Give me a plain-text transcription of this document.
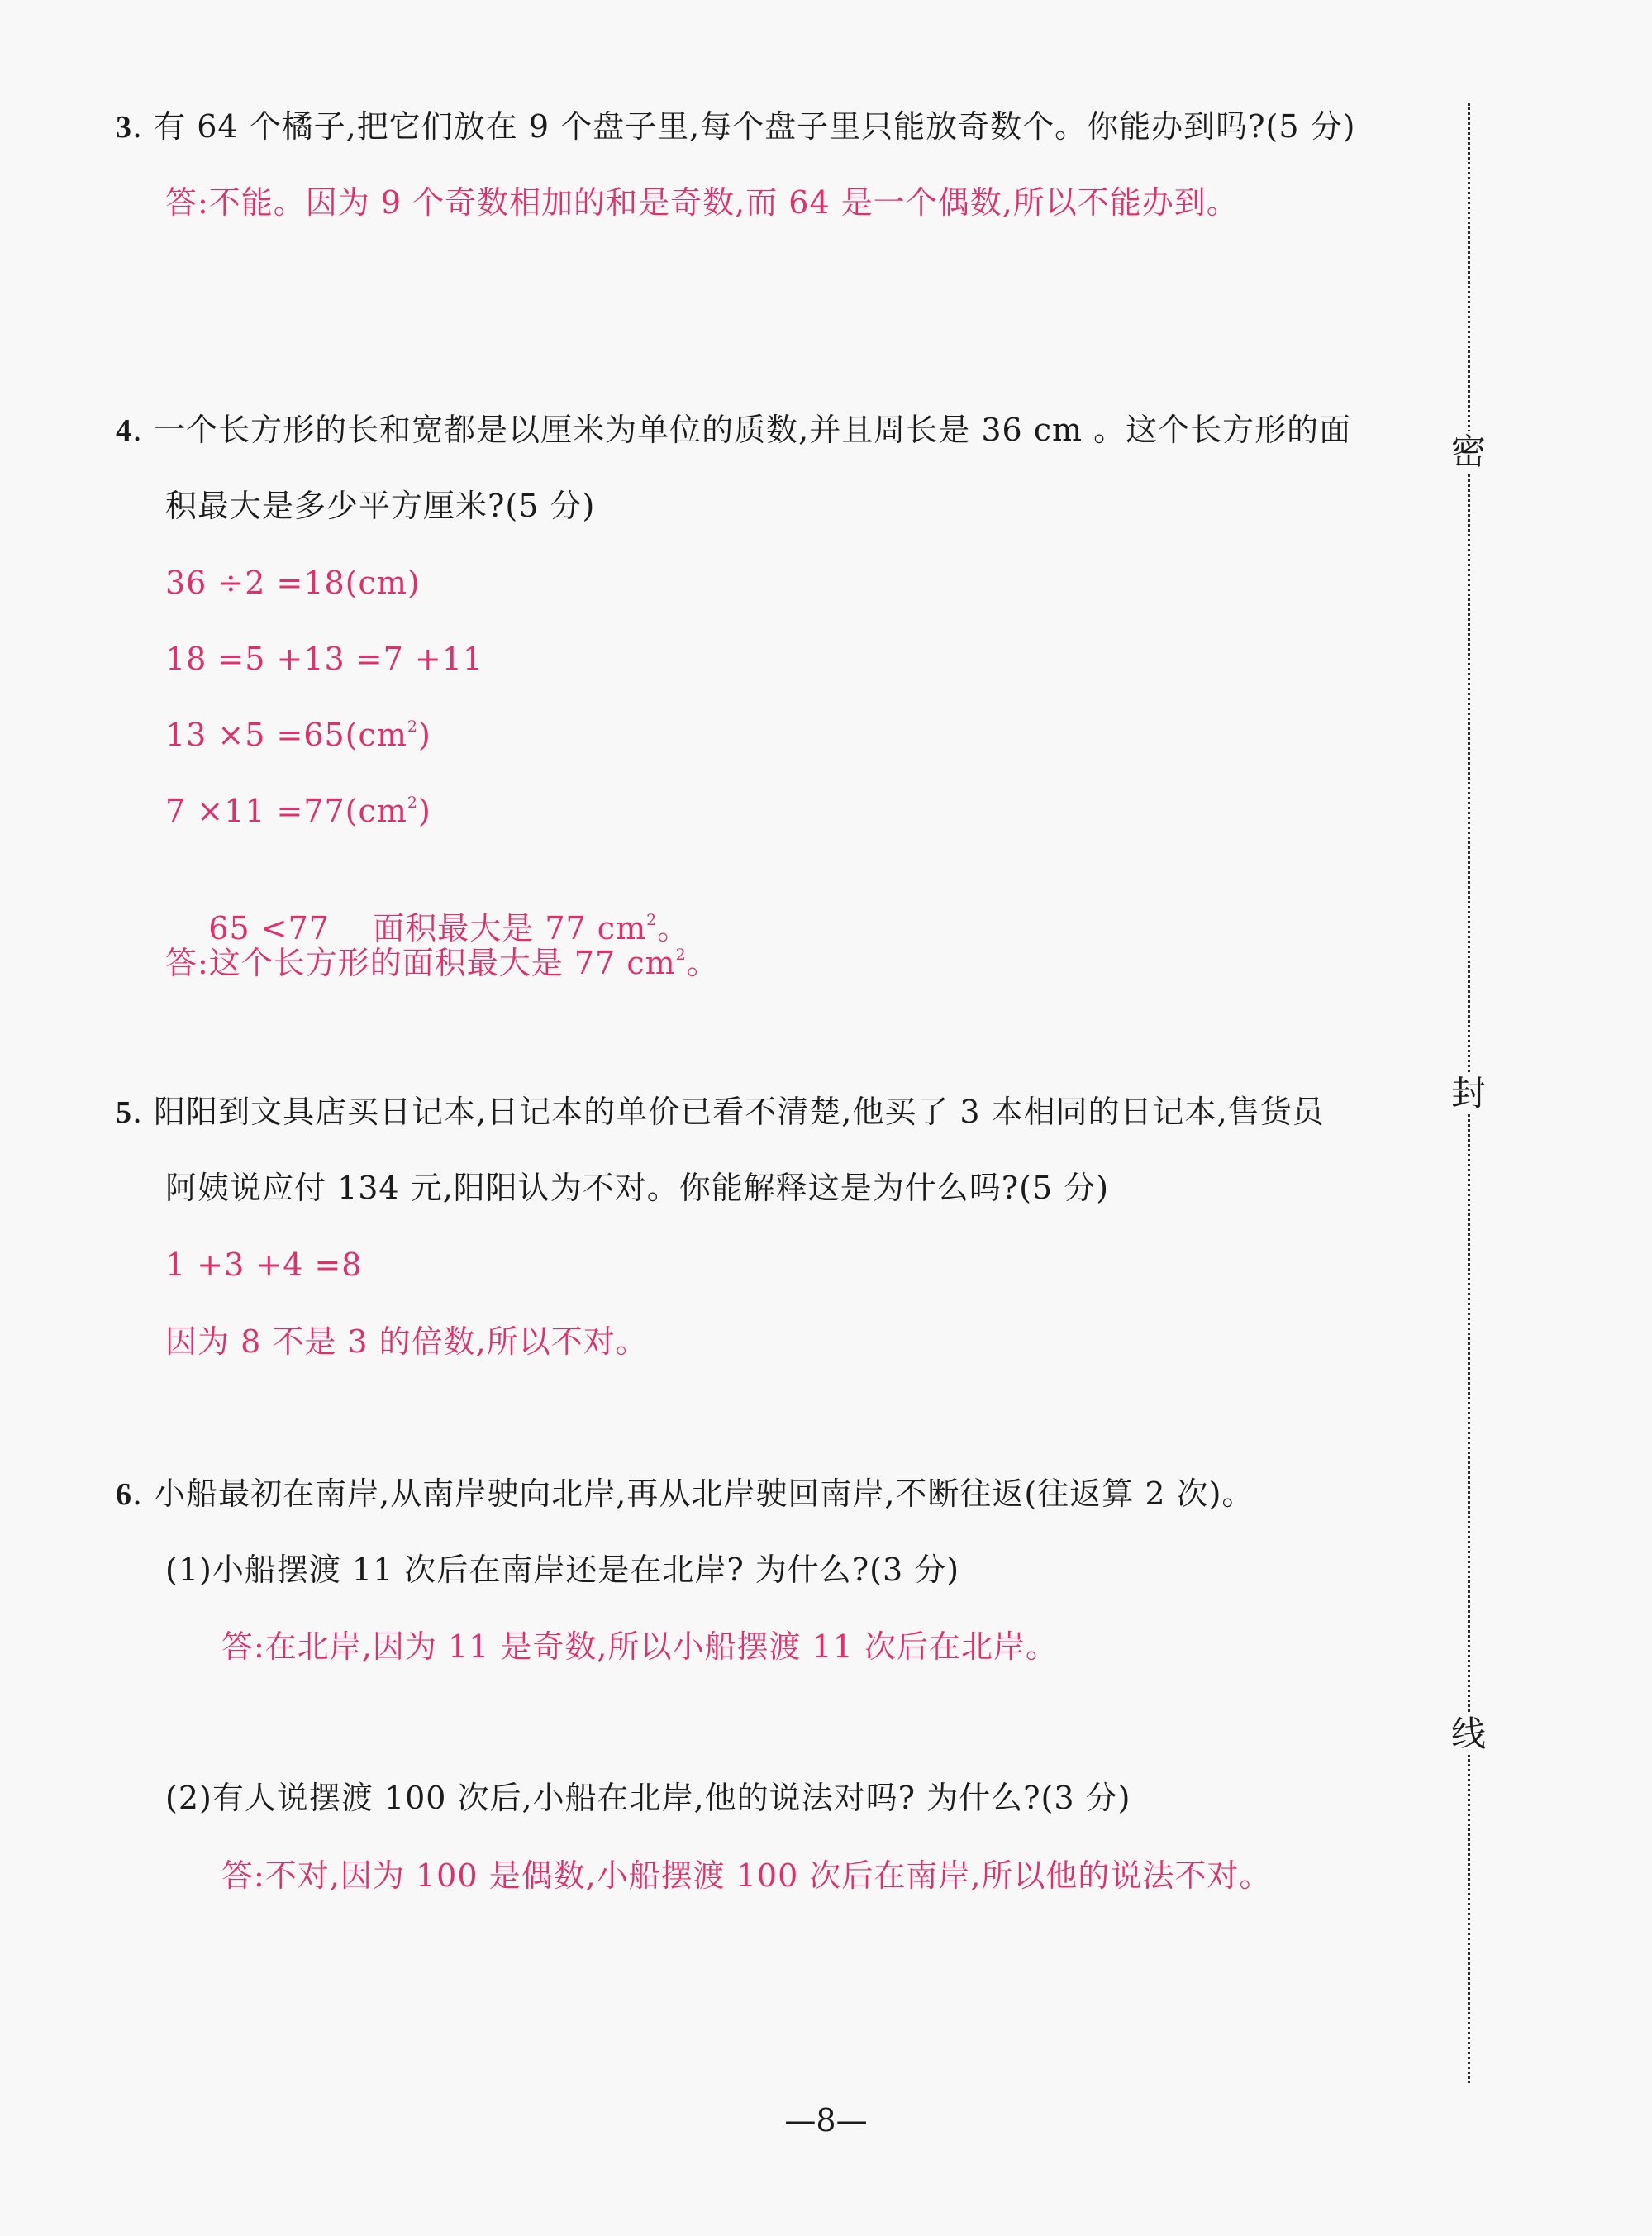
3. 有 64 个橘子,把它们放在 9 个盘子里,每个盘子里只能放奇数个。你能办到吗?(5 分)
答:不能。因为 9 个奇数相加的和是奇数,而 64 是一个偶数,所以不能办到。
4. 一个长方形的长和宽都是以厘米为单位的质数,并且周长是 36 cm 。这个长方形的面
积最大是多少平方厘米?(5 分)
36 ÷2 =18(cm)
18 =5 +13 =7 +11
$13 \times 5 =65(cm^2)$
$7 \times 11 =77(cm^2)$

65 <77    面积最大是 77 $cm^2$。

答:这个长方形的面积最大是 77 $cm^2$。
5. 阳阳到文具店买日记本,日记本的单价已看不清楚,他买了 3 本相同的日记本,售货员
阿姨说应付 134 元,阳阳认为不对。你能解释这是为什么吗?(5 分)
1 +3 +4 =8
因为 8 不是 3 的倍数,所以不对。
6. 小船最初在南岸,从南岸驶向北岸,再从北岸驶回南岸,不断往返(往返算 2 次)。
(1)小船摆渡 11 次后在南岸还是在北岸? 为什么?(3 分)
答:在北岸,因为 11 是奇数,所以小船摆渡 11 次后在北岸。
(2)有人说摆渡 100 次后,小船在北岸,他的说法对吗? 为什么?(3 分)
答:不对,因为 100 是偶数,小船摆渡 100 次后在南岸,所以他的说法不对。
密
封
线
—8—
